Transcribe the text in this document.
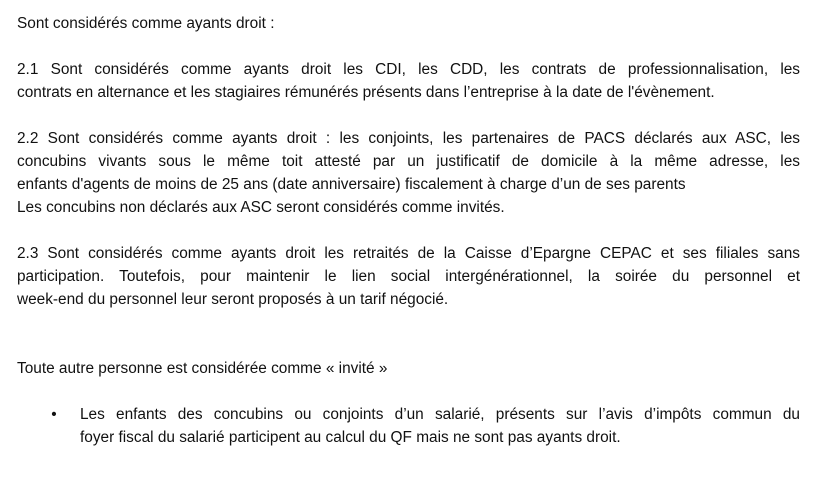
Sont considérés comme ayants droit :

2.1 Sont considérés comme ayants droit les CDI, les CDD, les contrats de professionnalisation, les
contrats en alternance et les stagiaires rémunérés présents dans l’entreprise à la date de l'évènement.

2.2 Sont considérés comme ayants droit : les conjoints, les partenaires de PACS déclarés aux ASC, les
concubins vivants sous le même toit attesté par un justificatif de domicile à la même adresse, les
enfants d'agents de moins de 25 ans (date anniversaire) fiscalement à charge d’un de ses parents
Les concubins non déclarés aux ASC seront considérés comme invités.

2.3 Sont considérés comme ayants droit les retraités de la Caisse d’Epargne CEPAC et ses filiales sans
participation. Toutefois, pour maintenir le lien social intergénérationnel, la soirée du personnel et
week-end du personnel leur seront proposés à un tarif négocié.

Toute autre personne est considérée comme « invité »

• Les enfants des concubins ou conjoints d’un salarié, présents sur l’avis d’impôts commun du
foyer fiscal du salarié participent au calcul du QF mais ne sont pas ayants droit.
